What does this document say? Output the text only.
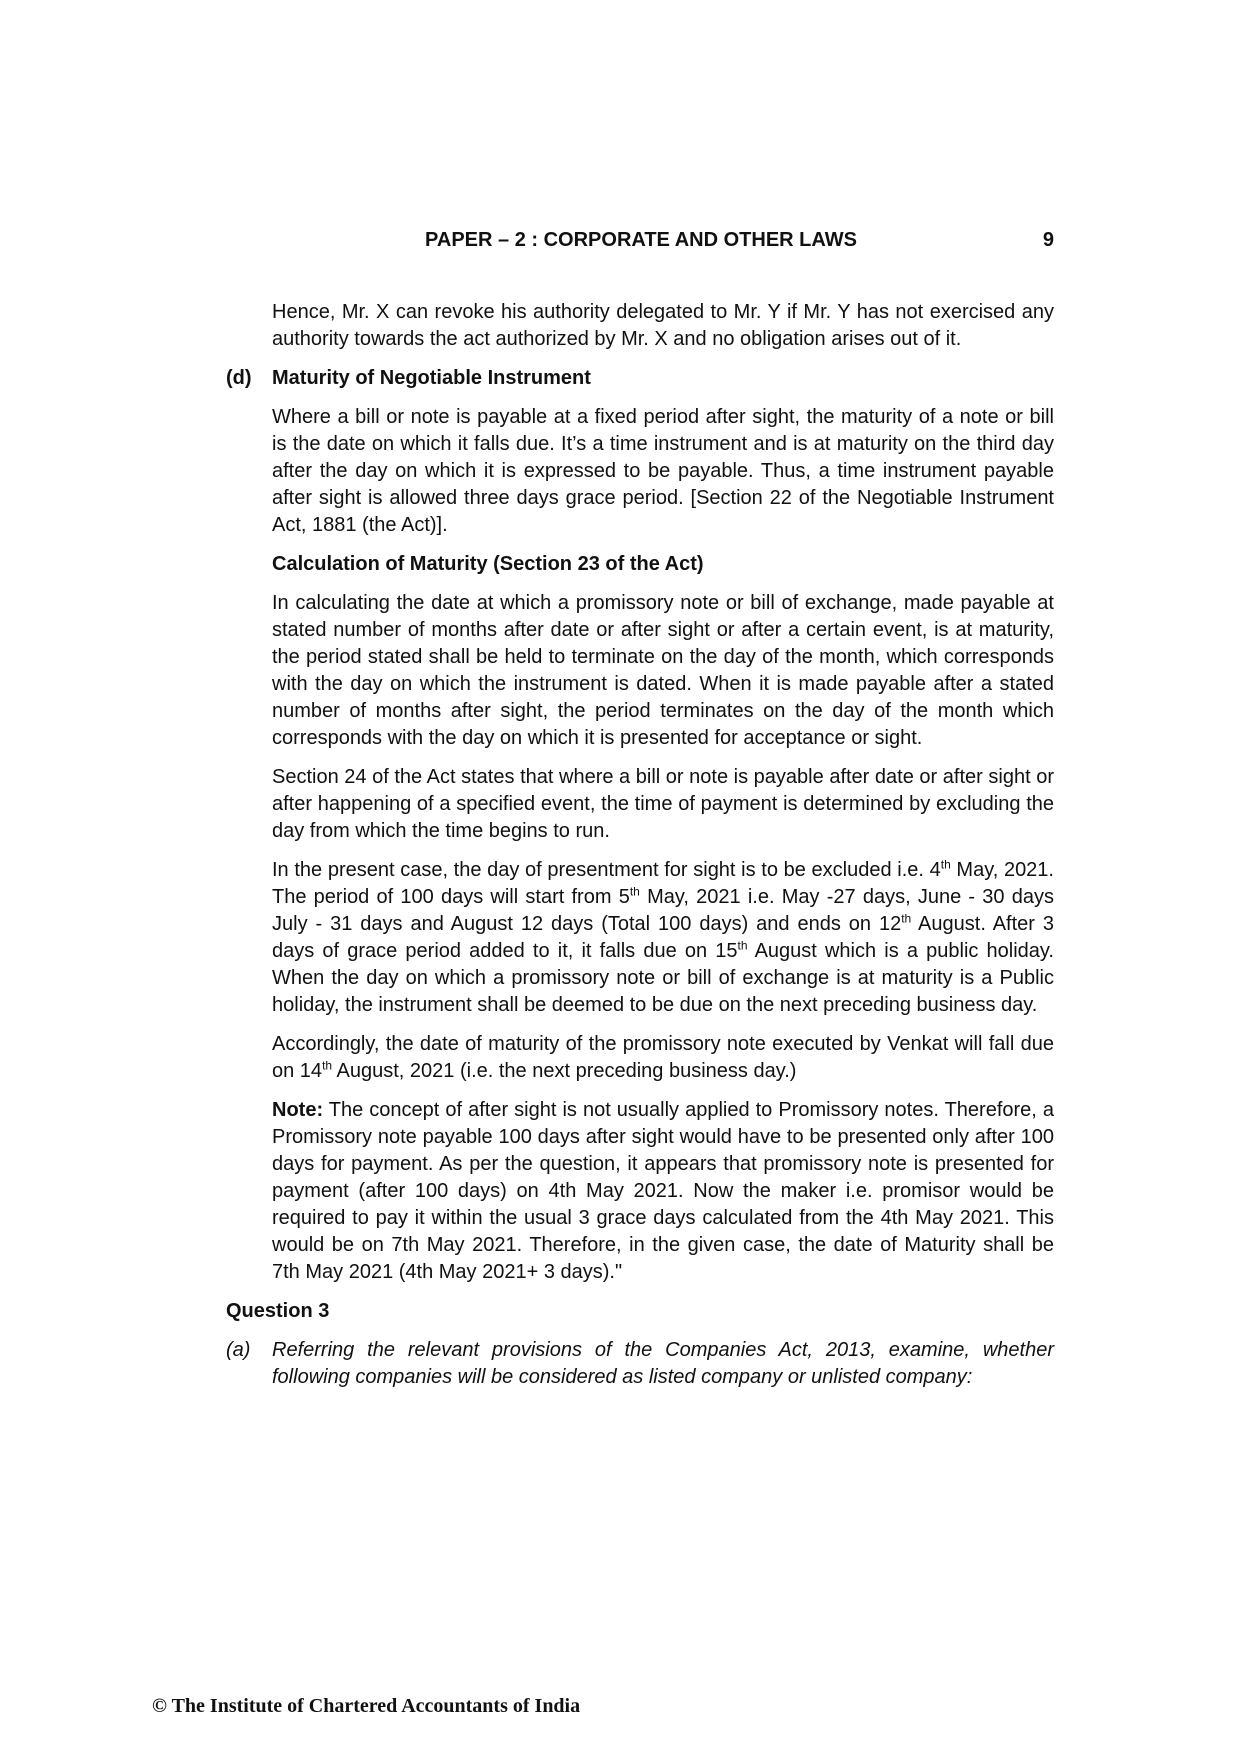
PAPER – 2 : CORPORATE AND OTHER LAWS	9

Hence, Mr. X can revoke his authority delegated to Mr. Y if Mr. Y has not exercised any authority towards the act authorized by Mr. X and no obligation arises out of it.

(d) Maturity of Negotiable Instrument

Where a bill or note is payable at a fixed period after sight, the maturity of a note or bill is the date on which it falls due. It’s a time instrument and is at maturity on the third day after the day on which it is expressed to be payable. Thus, a time instrument payable after sight is allowed three days grace period. [Section 22 of the Negotiable Instrument Act, 1881 (the Act)].

Calculation of Maturity (Section 23 of the Act)

In calculating the date at which a promissory note or bill of exchange, made payable at stated number of months after date or after sight or after a certain event, is at maturity, the period stated shall be held to terminate on the day of the month, which corresponds with the day on which the instrument is dated. When it is made payable after a stated number of months after sight, the period terminates on the day of the month which corresponds with the day on which it is presented for acceptance or sight.

Section 24 of the Act states that where a bill or note is payable after date or after sight or after happening of a specified event, the time of payment is determined by excluding the day from which the time begins to run.

In the present case, the day of presentment for sight is to be excluded i.e. 4th May, 2021. The period of 100 days will start from 5th May, 2021 i.e. May -27 days, June - 30 days July - 31 days and August 12 days (Total 100 days) and ends on 12th August. After 3 days of grace period added to it, it falls due on 15th August which is a public holiday. When the day on which a promissory note or bill of exchange is at maturity is a Public holiday, the instrument shall be deemed to be due on the next preceding business day.

Accordingly, the date of maturity of the promissory note executed by Venkat will fall due on 14th August, 2021 (i.e. the next preceding business day.)

Note: The concept of after sight is not usually applied to Promissory notes. Therefore, a Promissory note payable 100 days after sight would have to be presented only after 100 days for payment. As per the question, it appears that promissory note is presented for payment (after 100 days) on 4th May 2021. Now the maker i.e. promisor would be required to pay it within the usual 3 grace days calculated from the 4th May 2021. This would be on 7th May 2021. Therefore, in the given case, the date of Maturity shall be 7th May 2021 (4th May 2021+ 3 days)."

Question 3
(a) Referring the relevant provisions of the Companies Act, 2013, examine, whether following companies will be considered as listed company or unlisted company:

© The Institute of Chartered Accountants of India
